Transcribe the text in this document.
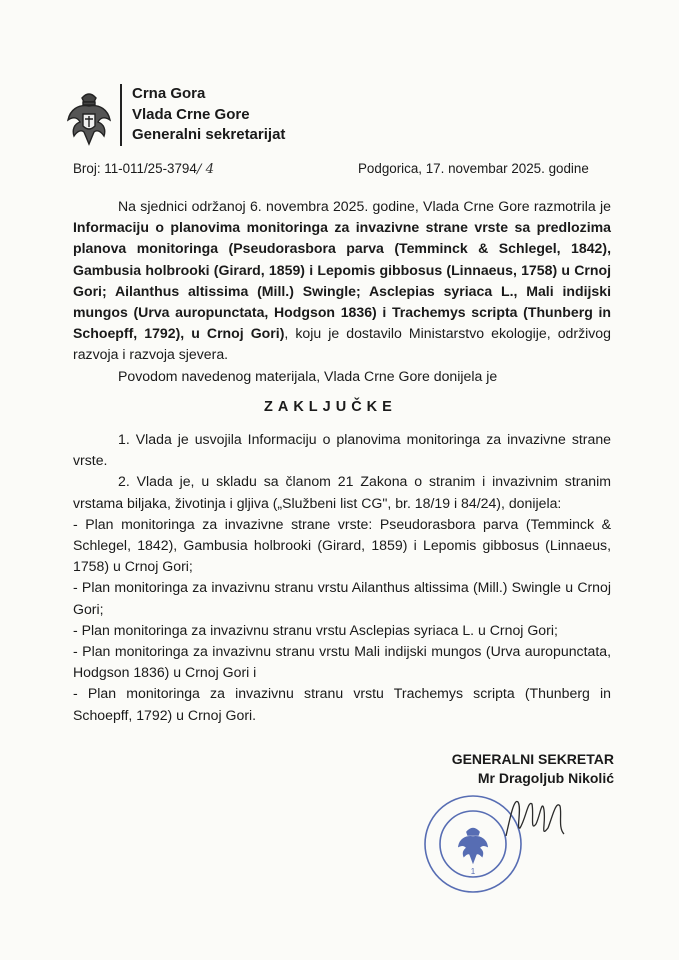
Crna Gora
Vlada Crne Gore
Generalni sekretarijat
Broj: 11-011/25-3794/ 4	Podgorica, 17. novembar 2025. godine

Na sjednici održanoj 6. novembra 2025. godine, Vlada Crne Gore razmotrila je Informaciju o planovima monitoringa za invazivne strane vrste sa predlozima planova monitoringa (Pseudorasbora parva (Temminck & Schlegel, 1842), Gambusia holbrooki (Girard, 1859) i Lepomis gibbosus (Linnaeus, 1758) u Crnoj Gori; Ailanthus altissima (Mill.) Swingle; Asclepias syriaca L., Mali indijski mungos (Urva auropunctata, Hodgson 1836) i Trachemys scripta (Thunberg in Schoepff, 1792), u Crnoj Gori), koju je dostavilo Ministarstvo ekologije, održivog razvoja i razvoja sjevera.

Povodom navedenog materijala, Vlada Crne Gore donijela je

ZAKLJUČKE

1. Vlada je usvojila Informaciju o planovima monitoringa za invazivne strane vrste.

2. Vlada je, u skladu sa članom 21 Zakona o stranim i invazivnim stranim vrstama biljaka, životinja i gljiva („Službeni list CG", br. 18/19 i 84/24), donijela:

- Plan monitoringa za invazivne strane vrste: Pseudorasbora parva (Temminck & Schlegel, 1842), Gambusia holbrooki (Girard, 1859) i Lepomis gibbosus (Linnaeus, 1758) u Crnoj Gori;

- Plan monitoringa za invazivnu stranu vrstu Ailanthus altissima (Mill.) Swingle u Crnoj Gori;

- Plan monitoringa za invazivnu stranu vrstu Asclepias syriaca L. u Crnoj Gori;

- Plan monitoringa za invazivnu stranu vrstu Mali indijski mungos (Urva auropunctata, Hodgson 1836) u Crnoj Gori i

- Plan monitoringa za invazivnu stranu vrstu Trachemys scripta (Thunberg in Schoepff, 1792) u Crnoj Gori.

GENERALNI SEKRETAR
Mr Dragoljub Nikolić
1
